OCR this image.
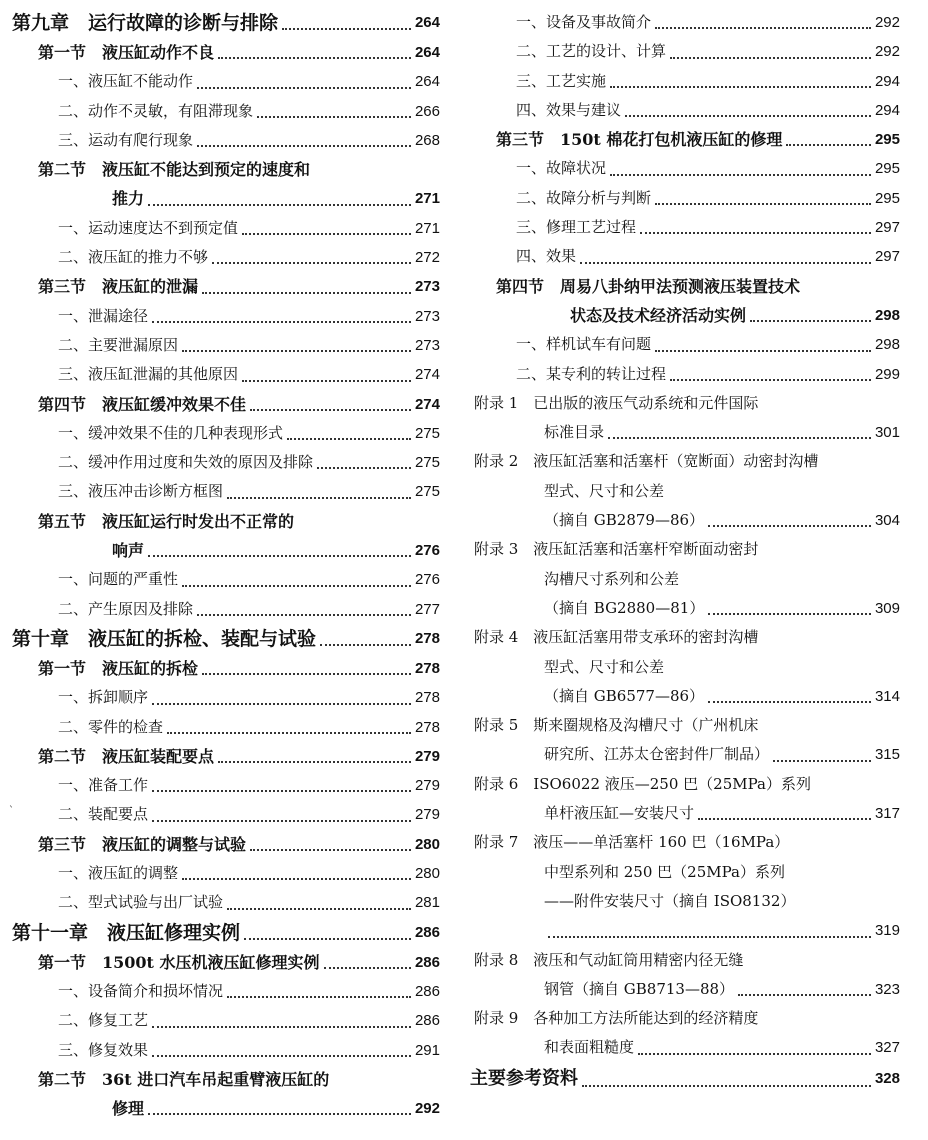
第九章　运行故障的诊断与排除	264
第一节　液压缸动作不良	264
一、液压缸不能动作	264
二、动作不灵敏，有阻滞现象	266
三、运动有爬行现象	268
第二节　液压缸不能达到预定的速度和
推力	271
一、运动速度达不到预定值	271
二、液压缸的推力不够	272
第三节　液压缸的泄漏	273
一、泄漏途径	273
二、主要泄漏原因	273
三、液压缸泄漏的其他原因	274
第四节　液压缸缓冲效果不佳	274
一、缓冲效果不佳的几种表现形式	275
二、缓冲作用过度和失效的原因及排除	275
三、液压冲击诊断方框图	275
第五节　液压缸运行时发出不正常的
响声	276
一、问题的严重性	276
二、产生原因及排除	277
第十章　液压缸的拆检、装配与试验	278
第一节　液压缸的拆检	278
一、拆卸顺序	278
二、零件的检查	278
第二节　液压缸装配要点	279
一、准备工作	279
二、装配要点	279
第三节　液压缸的调整与试验	280
一、液压缸的调整	280
二、型式试验与出厂试验	281
第十一章　液压缸修理实例	286
第一节　1500t 水压机液压缸修理实例	286
一、设备简介和损坏情况	286
二、修复工艺	286
三、修复效果	291
第二节　36t 进口汽车吊起重臂液压缸的
修理	292
一、设备及事故简介	292
二、工艺的设计、计算	292
三、工艺实施	294
四、效果与建议	294
第三节　150t 棉花打包机液压缸的修理	295
一、故障状况	295
二、故障分析与判断	295
三、修理工艺过程	297
四、效果	297
第四节　周易八卦纳甲法预测液压装置技术
状态及技术经济活动实例	298
一、样机试车有问题	298
二、某专利的转让过程	299
附录 1　已出版的液压气动系统和元件国际
标准目录	301
附录 2　液压缸活塞和活塞杆（宽断面）动密封沟槽
型式、尺寸和公差
（摘自 GB2879—86）	304
附录 3　液压缸活塞和活塞杆窄断面动密封
沟槽尺寸系列和公差
（摘自 BG2880—81）	309
附录 4　液压缸活塞用带支承环的密封沟槽
型式、尺寸和公差
（摘自 GB6577—86）	314
附录 5　斯来圈规格及沟槽尺寸（广州机床
研究所、江苏太仓密封件厂制品）	315
附录 6　ISO6022 液压—250 巴（25MPa）系列
单杆液压缸—安装尺寸	317
附录 7　液压——单活塞杆 160 巴（16MPa）
中型系列和 250 巴（25MPa）系列
——附件安装尺寸（摘自 ISO8132）
319
附录 8　液压和气动缸筒用精密内径无缝
钢管（摘自 GB8713—88）	323
附录 9　各种加工方法所能达到的经济精度
和表面粗糙度	327
主要参考资料	328
`
